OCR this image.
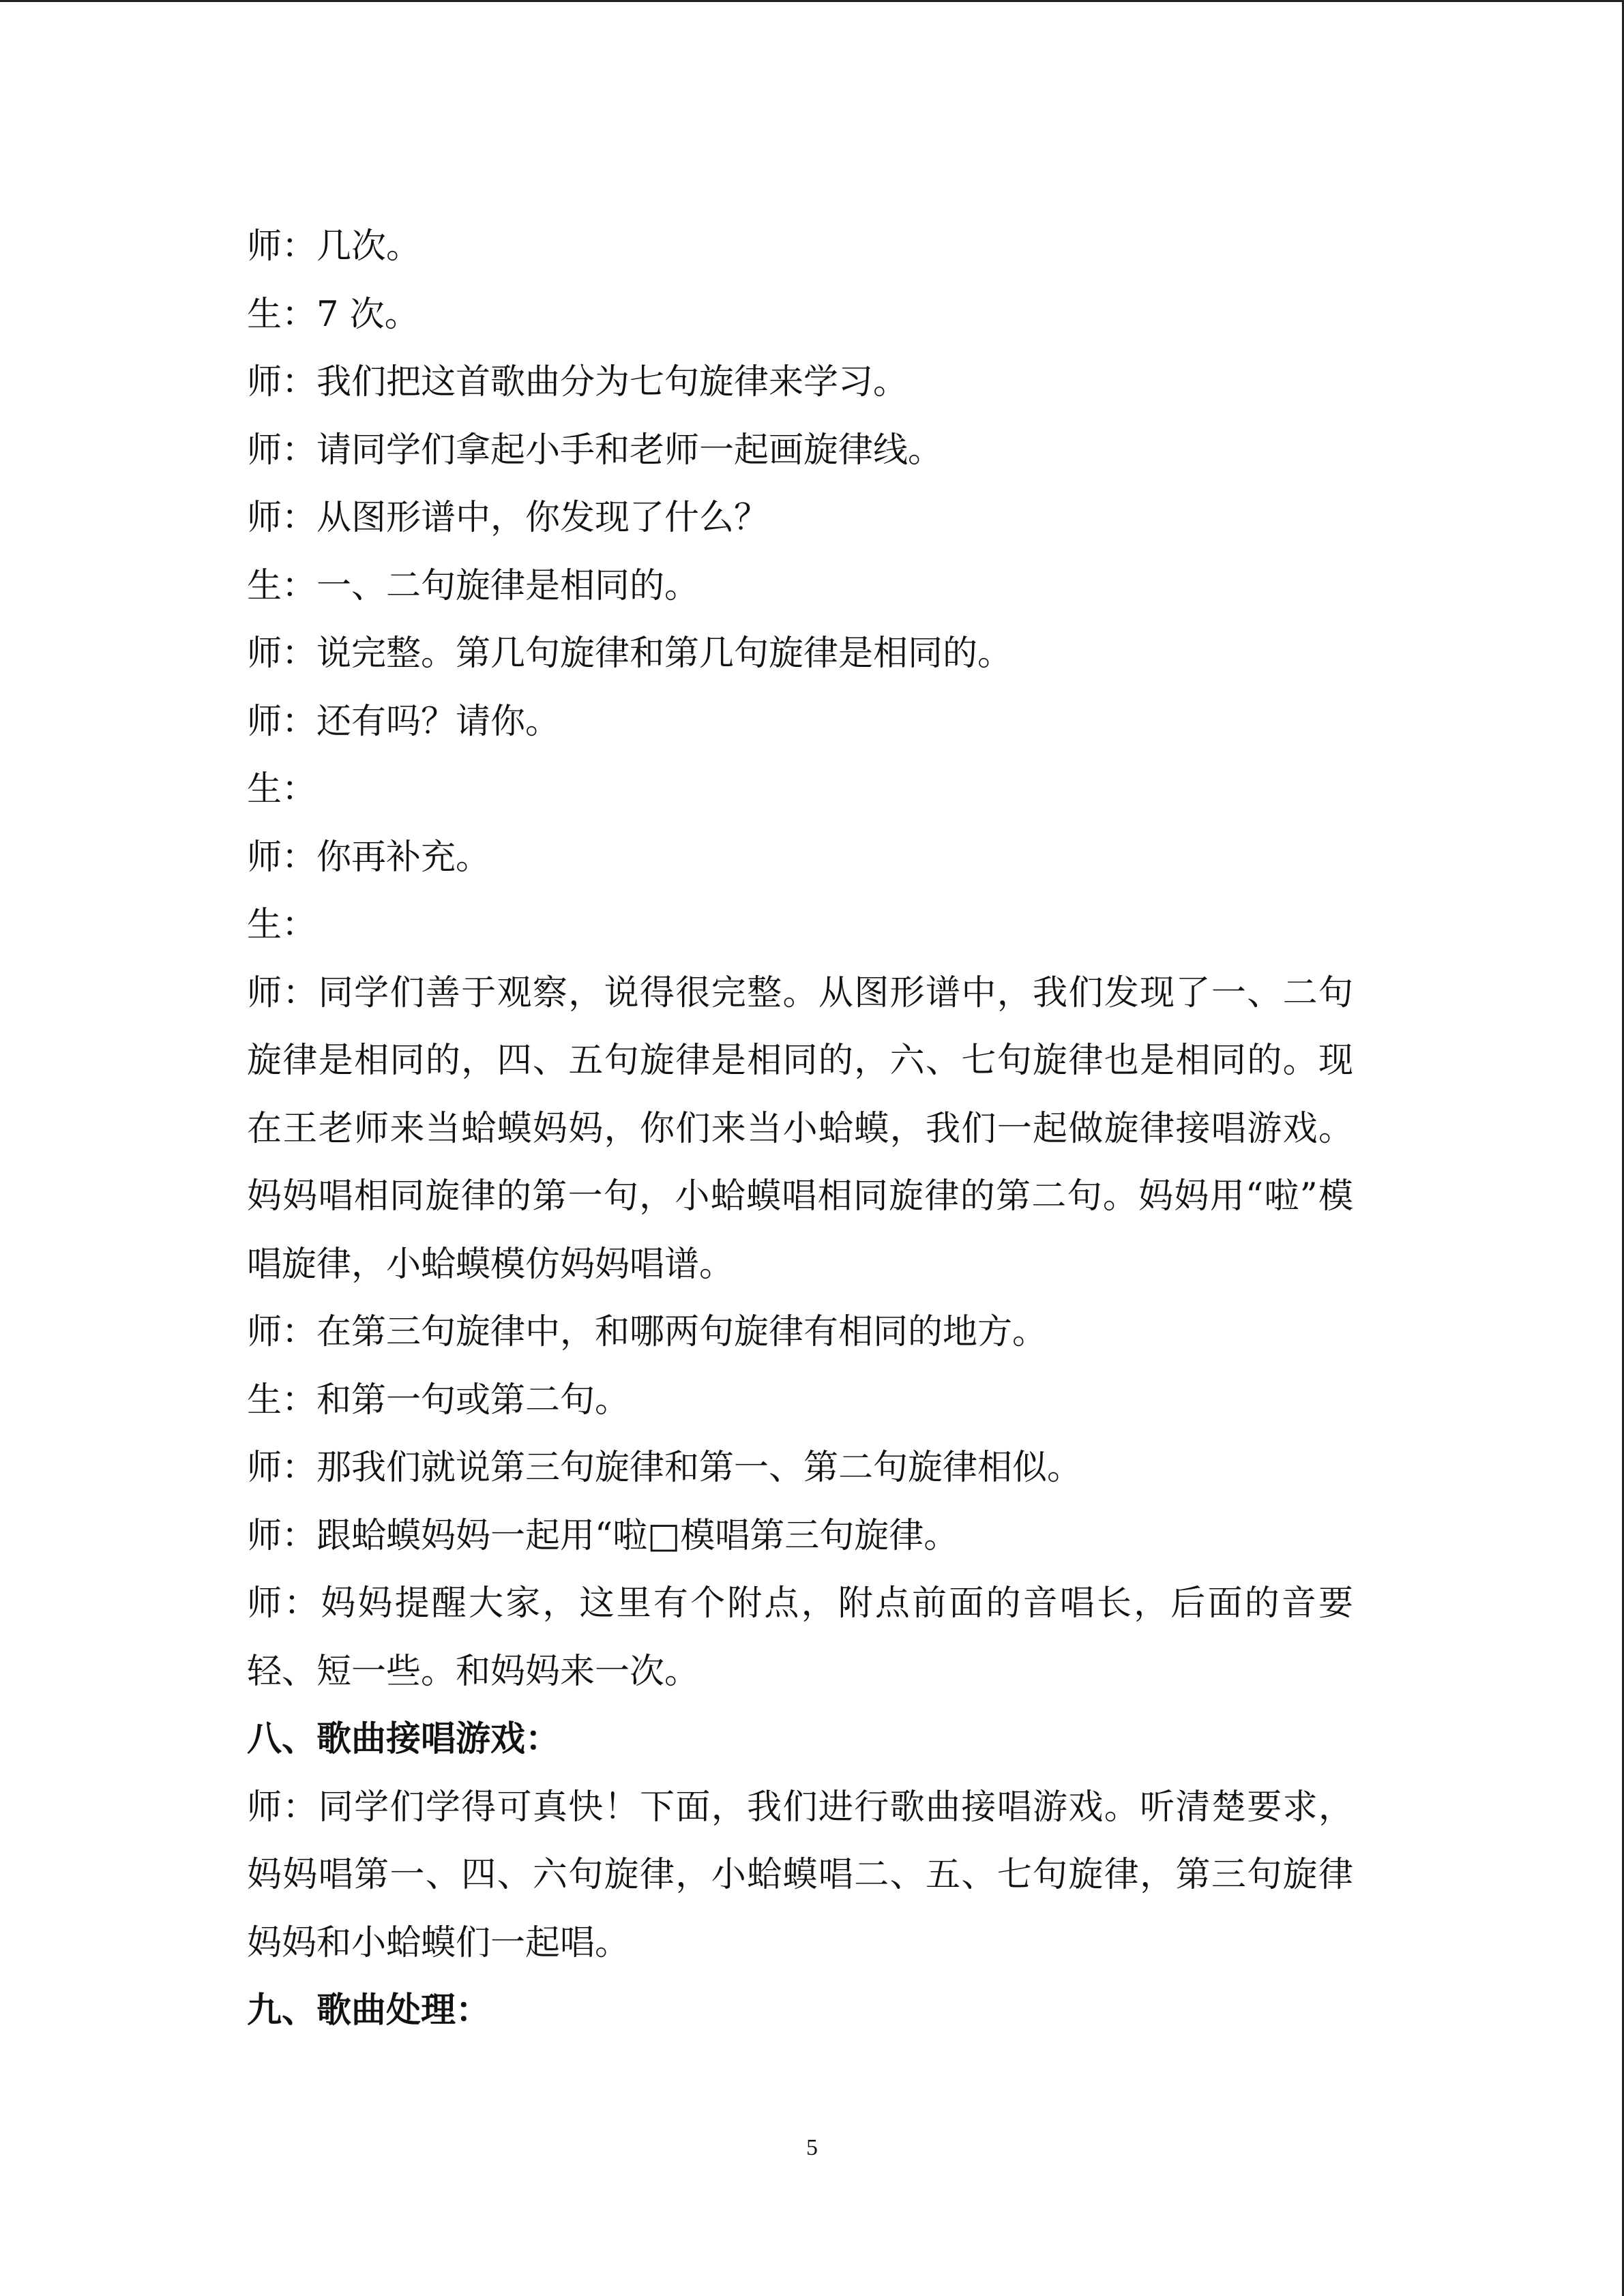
师：几次。

生：7 次。

师：我们把这首歌曲分为七句旋律来学习。

师：请同学们拿起小手和老师一起画旋律线。

师：从图形谱中，你发现了什么？

生：一、二句旋律是相同的。

师：说完整。第几句旋律和第几句旋律是相同的。

师：还有吗？请你。

生：

师：你再补充。

生：

师：同学们善于观察，说得很完整。从图形谱中，我们发现了一、二句旋律是相同的，四、五句旋律是相同的，六、七句旋律也是相同的。现在王老师来当蛤蟆妈妈，你们来当小蛤蟆，我们一起做旋律接唱游戏。妈妈唱相同旋律的第一句，小蛤蟆唱相同旋律的第二句。妈妈用“啦”模唱旋律，小蛤蟆模仿妈妈唱谱。

师：在第三句旋律中，和哪两句旋律有相同的地方。

生：和第一句或第二句。

师：那我们就说第三句旋律和第一、第二句旋律相似。

师：跟蛤蟆妈妈一起用“啦□模唱第三句旋律。

师：妈妈提醒大家，这里有个附点，附点前面的音唱长，后面的音要轻、短一些。和妈妈来一次。

八、歌曲接唱游戏：

师：同学们学得可真快！下面，我们进行歌曲接唱游戏。听清楚要求，妈妈唱第一、四、六句旋律，小蛤蟆唱二、五、七句旋律，第三句旋律妈妈和小蛤蟆们一起唱。

九、歌曲处理：

5
